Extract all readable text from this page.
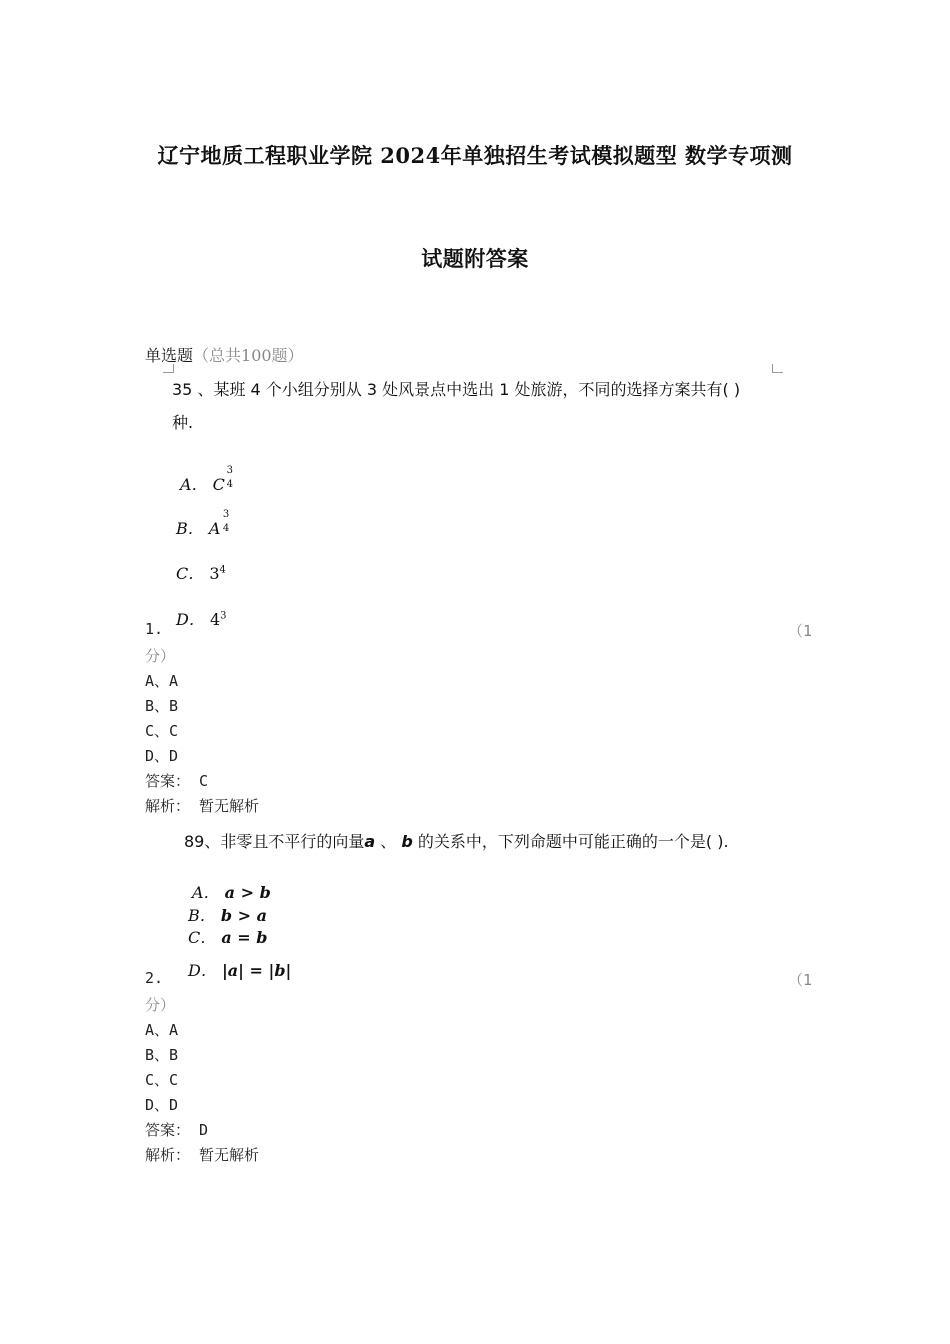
辽宁地质工程职业学院 2024年单独招生考试模拟题型 数学专项测
试题附答案
单选题（总共100题）
35 、某班 4 个小组分别从 3 处风景点中选出 1 处旅游，不同的选择方案共有( )
种.
A． C
3
4
B． A
3
4
C． $3^4$
D． $4^3$
1.	（1
分）
A、A
B、B
C、C
D、D
答案： C
解析： 暂无解析
89、非零且不平行的向量a 、 b 的关系中，下列命题中可能正确的一个是( ).
A． a > b
B． b > a
C． a = b
D． |a| = |b|
2.	（1
分）
A、A
B、B
C、C
D、D
答案： D
解析： 暂无解析
